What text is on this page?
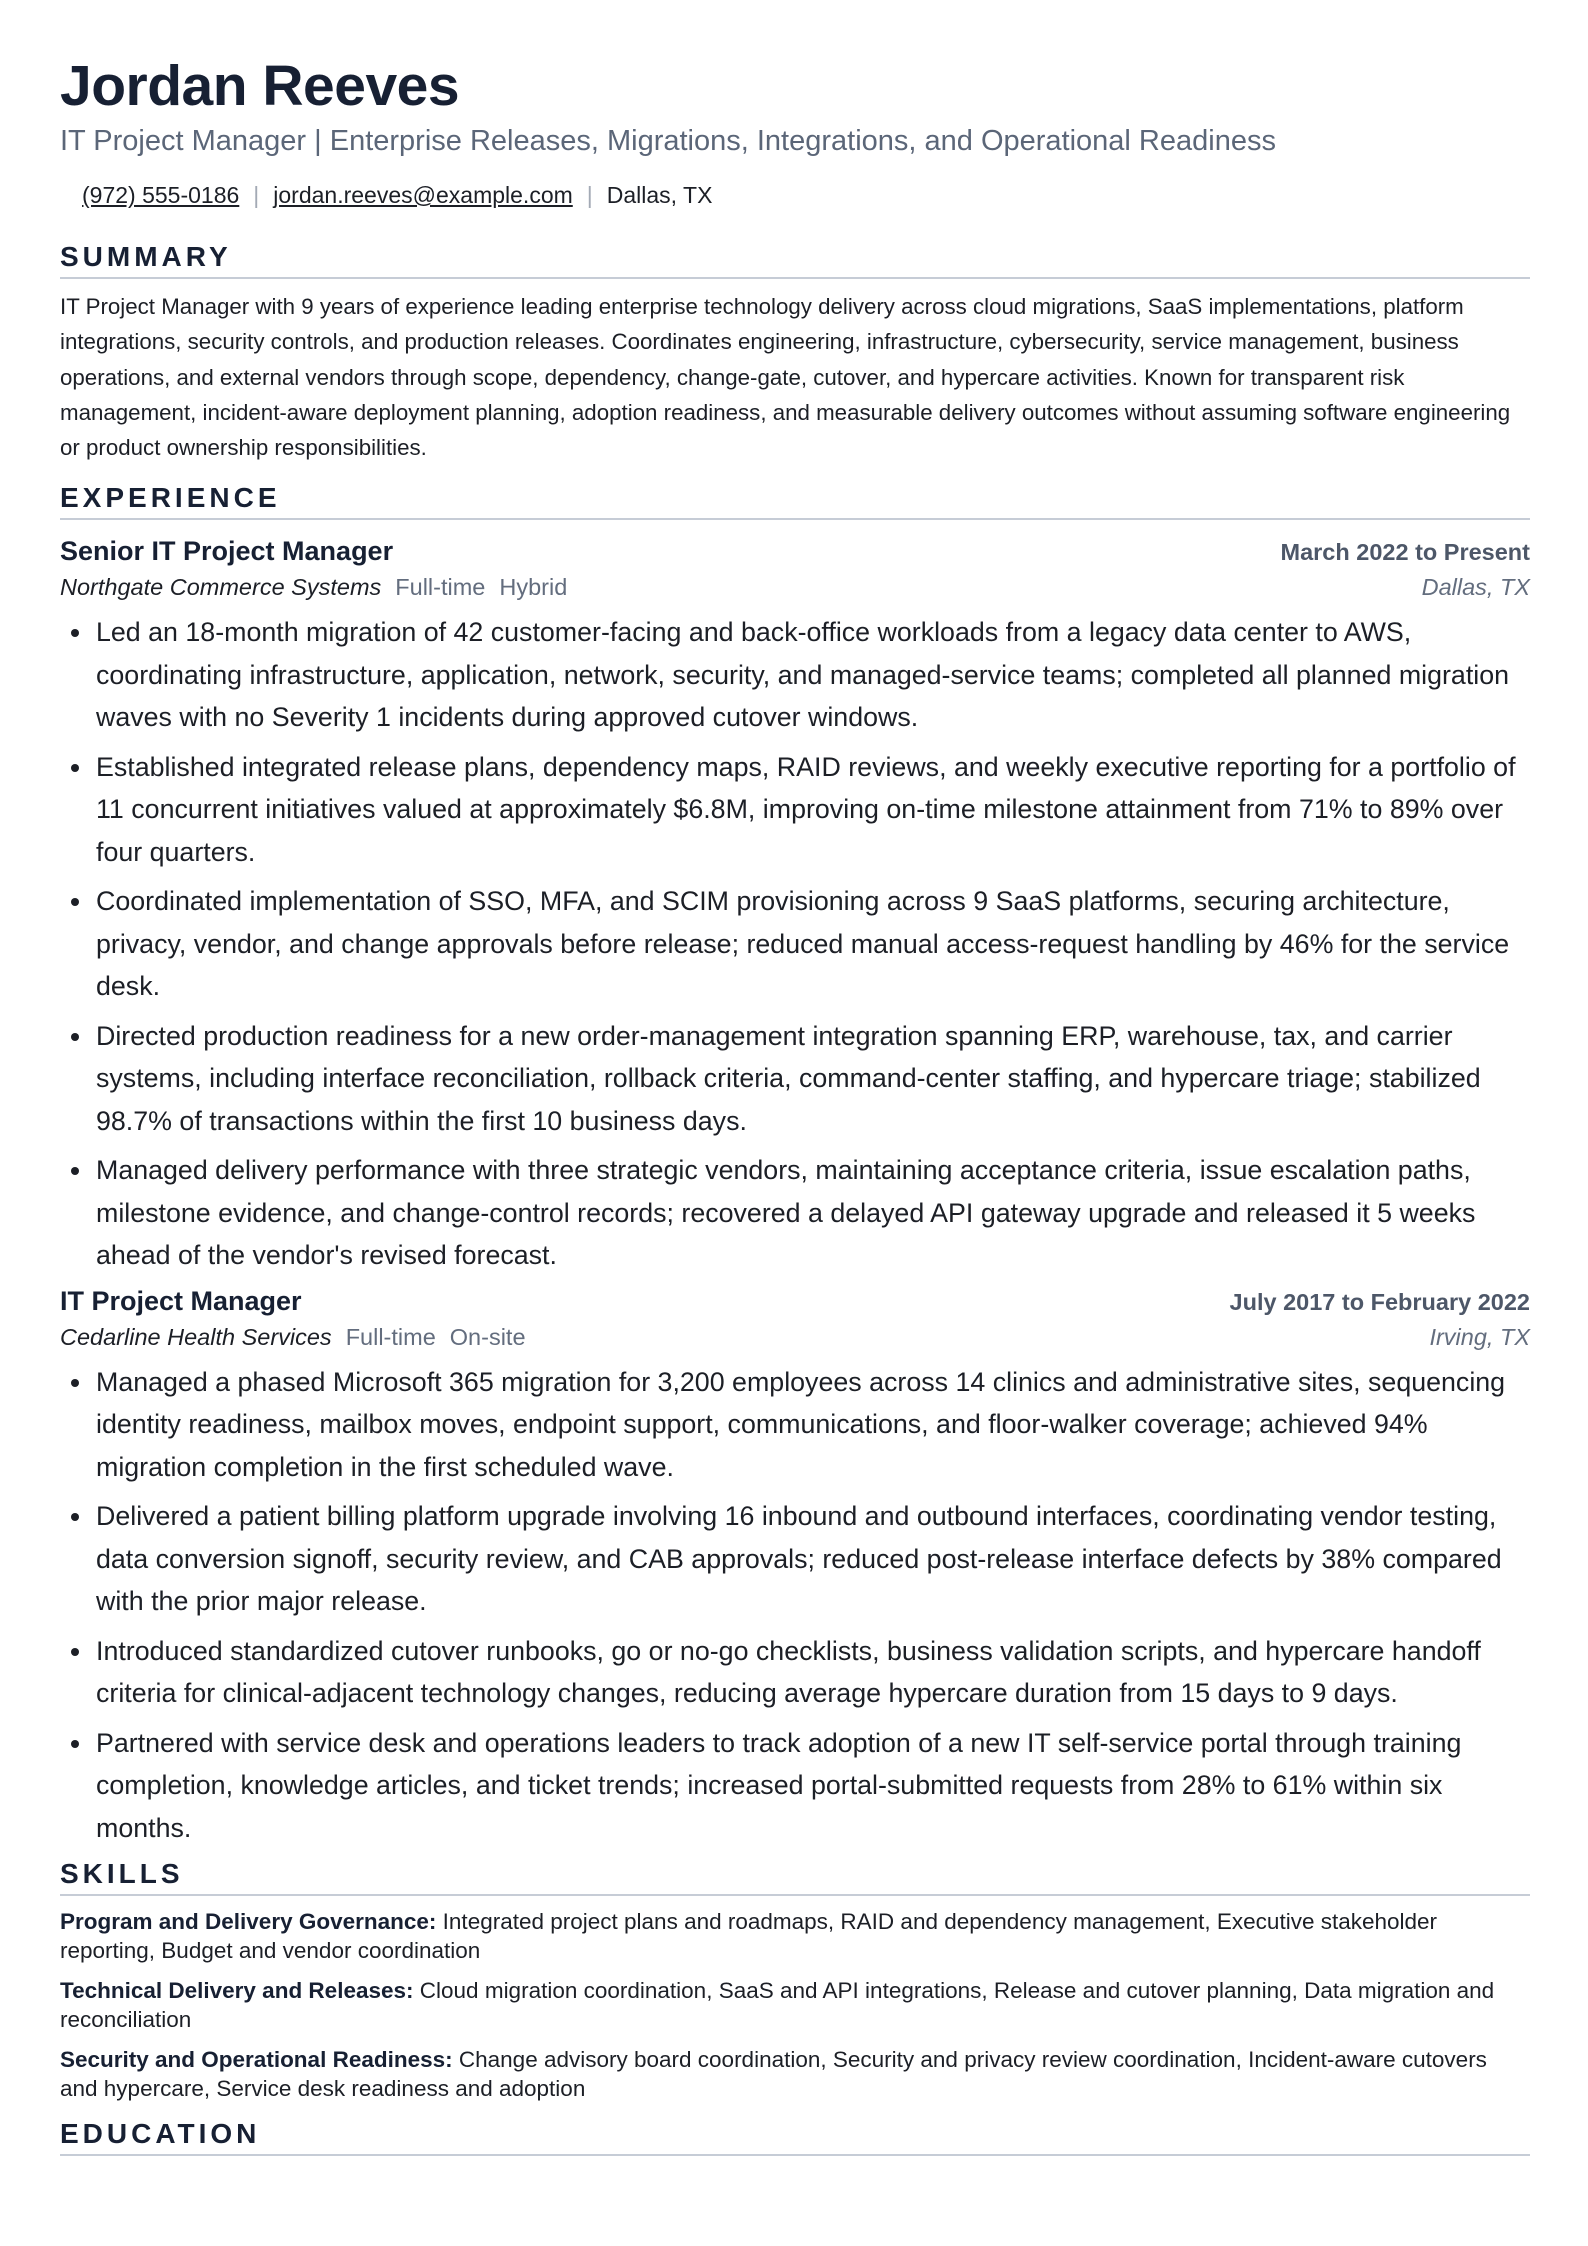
Jordan Reeves
IT Project Manager | Enterprise Releases, Migrations, Integrations, and Operational Readiness
(972) 555-0186 | jordan.reeves@example.com | Dallas, TX
SUMMARY
IT Project Manager with 9 years of experience leading enterprise technology delivery across cloud migrations, SaaS implementations, platform integrations, security controls, and production releases. Coordinates engineering, infrastructure, cybersecurity, service management, business operations, and external vendors through scope, dependency, change-gate, cutover, and hypercare activities. Known for transparent risk management, incident-aware deployment planning, adoption readiness, and measurable delivery outcomes without assuming software engineering or product ownership responsibilities.
EXPERIENCE
Senior IT Project Manager	March 2022 to Present
Northgate Commerce Systems Full-time Hybrid	Dallas, TX
• Led an 18-month migration of 42 customer-facing and back-office workloads from a legacy data center to AWS, coordinating infrastructure, application, network, security, and managed-service teams; completed all planned migration waves with no Severity 1 incidents during approved cutover windows.
• Established integrated release plans, dependency maps, RAID reviews, and weekly executive reporting for a portfolio of 11 concurrent initiatives valued at approximately $6.8M, improving on-time milestone attainment from 71% to 89% over four quarters.
• Coordinated implementation of SSO, MFA, and SCIM provisioning across 9 SaaS platforms, securing architecture, privacy, vendor, and change approvals before release; reduced manual access-request handling by 46% for the service desk.
• Directed production readiness for a new order-management integration spanning ERP, warehouse, tax, and carrier systems, including interface reconciliation, rollback criteria, command-center staffing, and hypercare triage; stabilized 98.7% of transactions within the first 10 business days.
• Managed delivery performance with three strategic vendors, maintaining acceptance criteria, issue escalation paths, milestone evidence, and change-control records; recovered a delayed API gateway upgrade and released it 5 weeks ahead of the vendor's revised forecast.
IT Project Manager	July 2017 to February 2022
Cedarline Health Services Full-time On-site	Irving, TX
• Managed a phased Microsoft 365 migration for 3,200 employees across 14 clinics and administrative sites, sequencing identity readiness, mailbox moves, endpoint support, communications, and floor-walker coverage; achieved 94% migration completion in the first scheduled wave.
• Delivered a patient billing platform upgrade involving 16 inbound and outbound interfaces, coordinating vendor testing, data conversion signoff, security review, and CAB approvals; reduced post-release interface defects by 38% compared with the prior major release.
• Introduced standardized cutover runbooks, go or no-go checklists, business validation scripts, and hypercare handoff criteria for clinical-adjacent technology changes, reducing average hypercare duration from 15 days to 9 days.
• Partnered with service desk and operations leaders to track adoption of a new IT self-service portal through training completion, knowledge articles, and ticket trends; increased portal-submitted requests from 28% to 61% within six months.
SKILLS
Program and Delivery Governance: Integrated project plans and roadmaps, RAID and dependency management, Executive stakeholder reporting, Budget and vendor coordination
Technical Delivery and Releases: Cloud migration coordination, SaaS and API integrations, Release and cutover planning, Data migration and reconciliation
Security and Operational Readiness: Change advisory board coordination, Security and privacy review coordination, Incident-aware cutovers and hypercare, Service desk readiness and adoption
EDUCATION
